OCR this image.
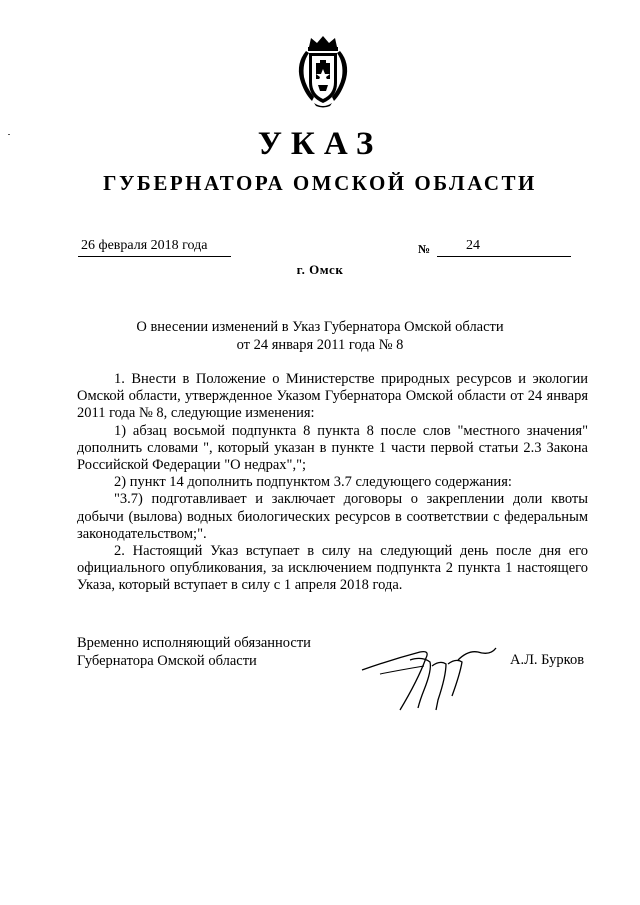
УКАЗ
ГУБЕРНАТОРА ОМСКОЙ ОБЛАСТИ
26 февраля 2018 года	№	24
г. Омск
О внесении изменений в Указ Губернатора Омской области
от 24 января 2011 года № 8

1. Внести в Положение о Министерстве природных ресурсов и экологии Омской области, утвержденное Указом Губернатора Омской области от 24 января 2011 года № 8, следующие изменения:

1) абзац восьмой подпункта 8 пункта 8 после слов "местного значения" дополнить словами ", который указан в пункте 1 части первой статьи 2.3 Закона Российской Федерации "О недрах",";

2) пункт 14 дополнить подпунктом 3.7 следующего содержания:

"3.7) подготавливает и заключает договоры о закреплении доли квоты добычи (вылова) водных биологических ресурсов в соответствии с федеральным законодательством;".

2. Настоящий Указ вступает в силу на следующий день после дня его официального опубликования, за исключением подпункта 2 пункта 1 настоящего Указа, который вступает в силу с 1 апреля 2018 года.

Временно исполняющий обязанности
Губернатора Омской области	А.Л. Бурков
